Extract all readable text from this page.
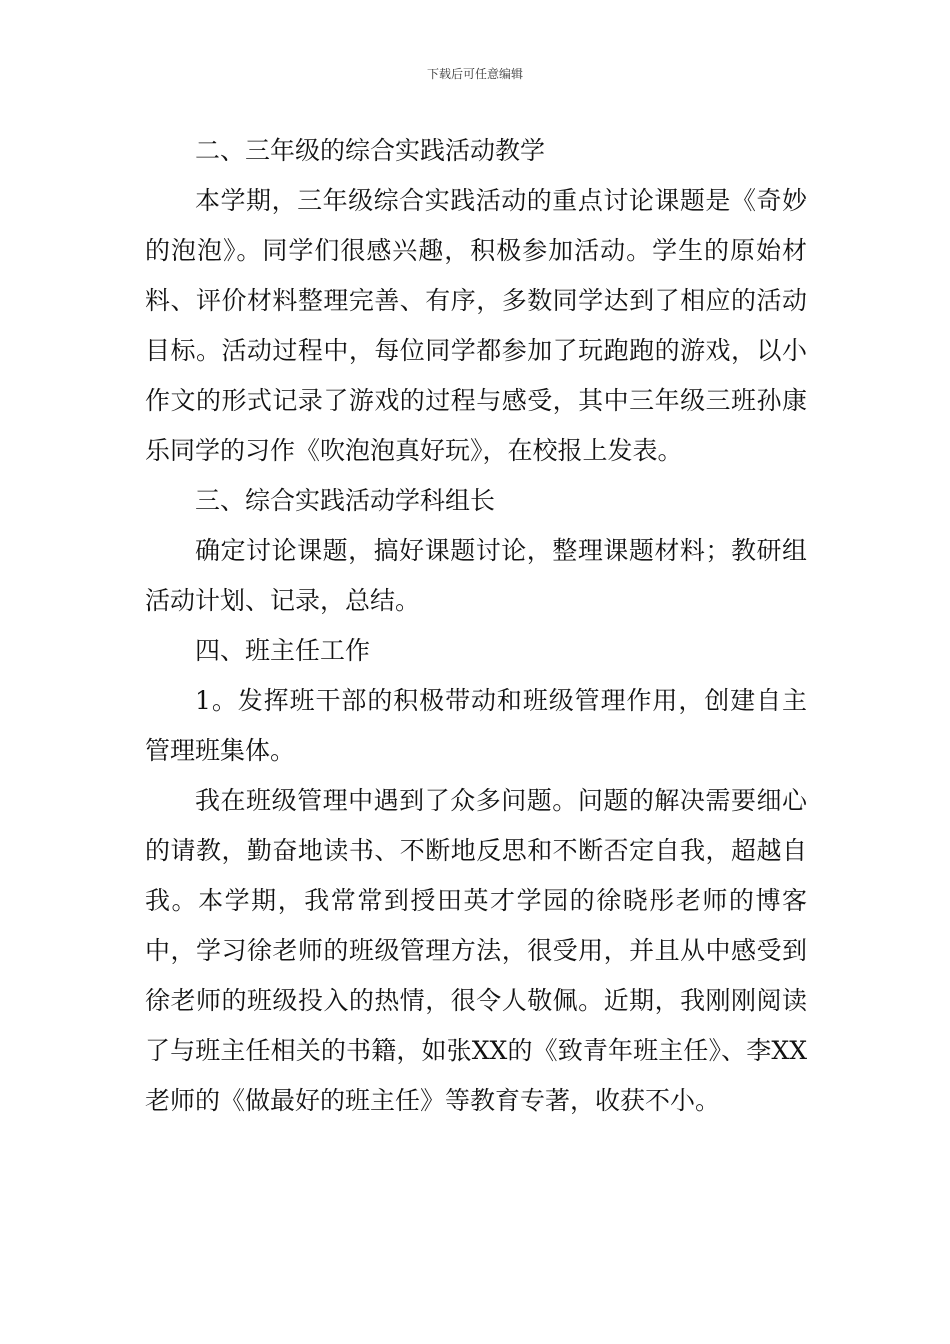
下载后可任意编辑

二、三年级的综合实践活动教学

本学期，三年级综合实践活动的重点讨论课题是《奇妙的泡泡》。同学们很感兴趣，积极参加活动。学生的原始材料、评价材料整理完善、有序，多数同学达到了相应的活动目标。活动过程中，每位同学都参加了玩跑跑的游戏，以小作文的形式记录了游戏的过程与感受，其中三年级三班孙康乐同学的习作《吹泡泡真好玩》，在校报上发表。

三、综合实践活动学科组长

确定讨论课题，搞好课题讨论，整理课题材料；教研组活动计划、记录，总结。

四、班主任工作

1。发挥班干部的积极带动和班级管理作用，创建自主管理班集体。

我在班级管理中遇到了众多问题。问题的解决需要细心的请教，勤奋地读书、不断地反思和不断否定自我，超越自我。本学期，我常常到授田英才学园的徐晓彤老师的博客中，学习徐老师的班级管理方法，很受用，并且从中感受到徐老师的班级投入的热情，很令人敬佩。近期，我刚刚阅读了与班主任相关的书籍，如张XX的《致青年班主任》、李XX老师的《做最好的班主任》等教育专著，收获不小。
